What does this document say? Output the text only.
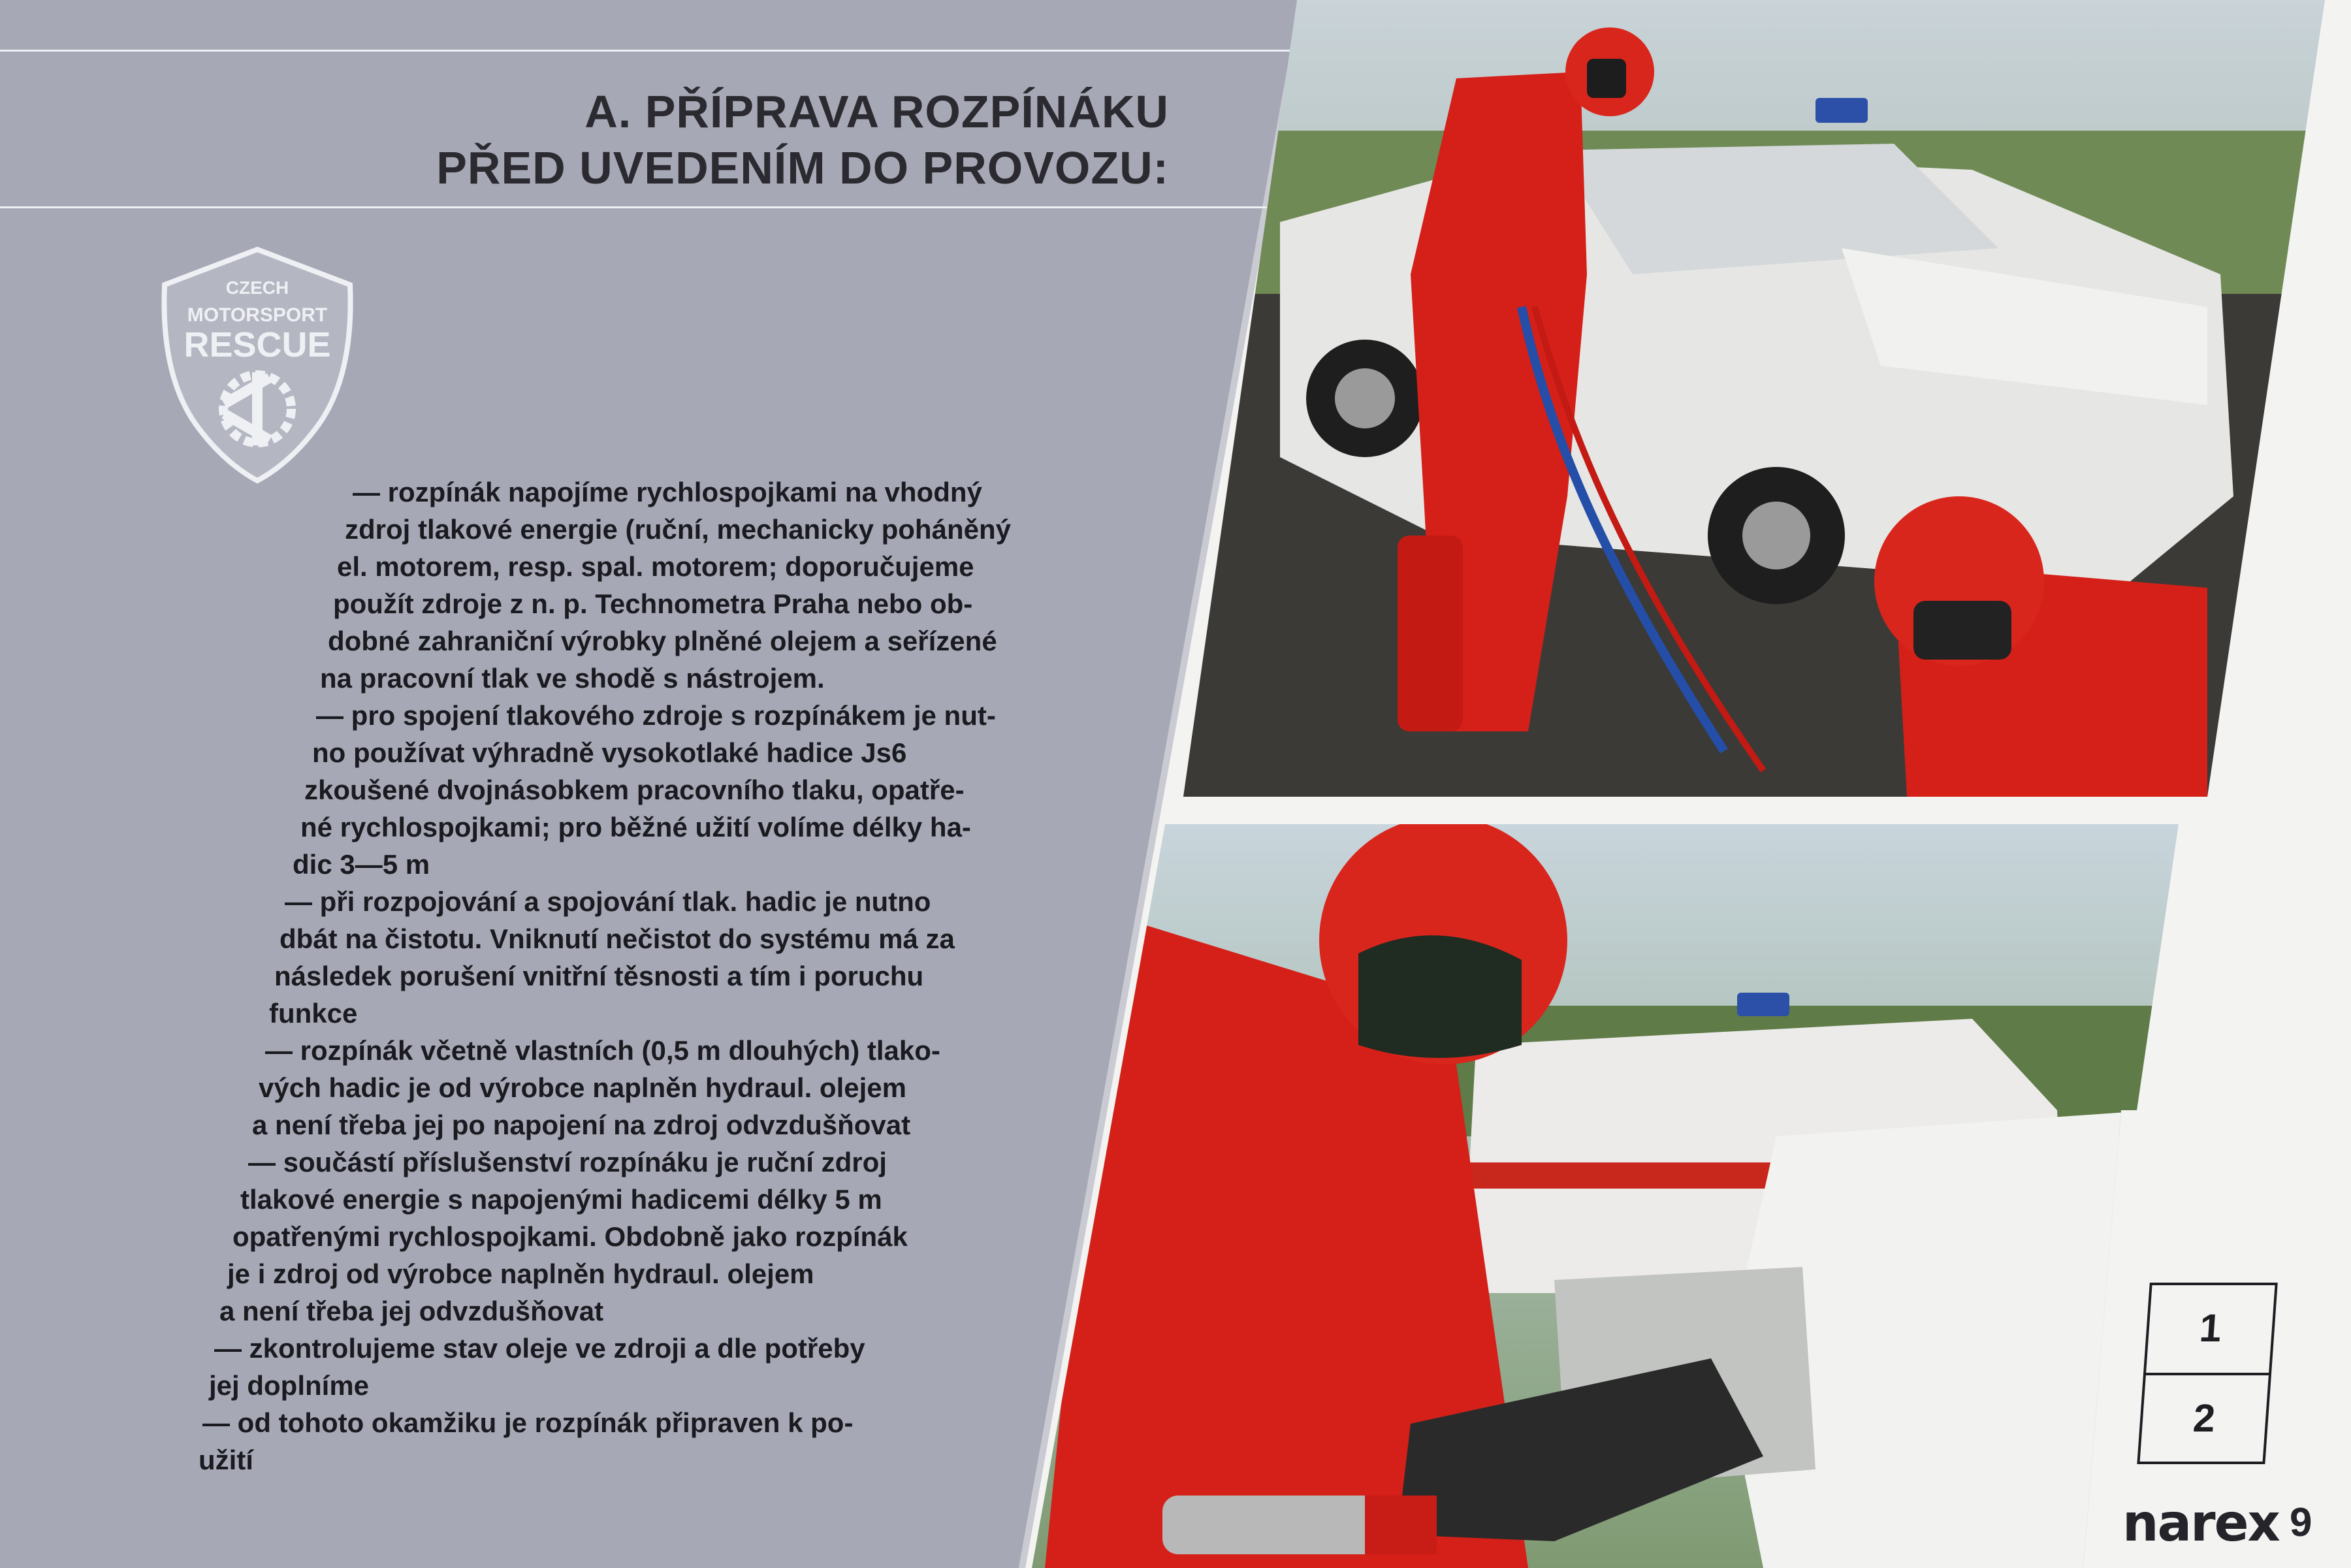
A. PŘÍPRAVA ROZPÍNÁKU
PŘED UVEDENÍM DO PROVOZU:
CZECH
MOTORSPORT
RESCUE
— rozpínák napojíme rychlospojkami na vhodný
zdroj tlakové energie (ruční, mechanicky poháněný
el. motorem, resp. spal. motorem; doporučujeme
použít zdroje z n. p. Technometra Praha nebo ob-
dobné zahraniční výrobky plněné olejem a seřízené
na pracovní tlak ve shodě s nástrojem.
— pro spojení tlakového zdroje s rozpínákem je nut-
no používat výhradně vysokotlaké hadice Js6
zkoušené dvojnásobkem pracovního tlaku, opatře-
né rychlospojkami; pro běžné užití volíme délky ha-
dic 3—5 m
— při rozpojování a spojování tlak. hadic je nutno
dbát na čistotu. Vniknutí nečistot do systému má za
následek porušení vnitřní těsnosti a tím i poruchu
funkce
— rozpínák včetně vlastních (0,5 m dlouhých) tlako-
vých hadic je od výrobce naplněn hydraul. olejem
a není třeba jej po napojení na zdroj odvzdušňovat
— součástí příslušenství rozpínáku je ruční zdroj
tlakové energie s napojenými hadicemi délky 5 m
opatřenými rychlospojkami. Obdobně jako rozpínák
je i zdroj od výrobce naplněn hydraul. olejem
a není třeba jej odvzdušňovat
— zkontrolujeme stav oleje ve zdroji a dle potřeby
jej doplníme
— od tohoto okamžiku je rozpínák připraven k po-
užití
1
2
narex 9
